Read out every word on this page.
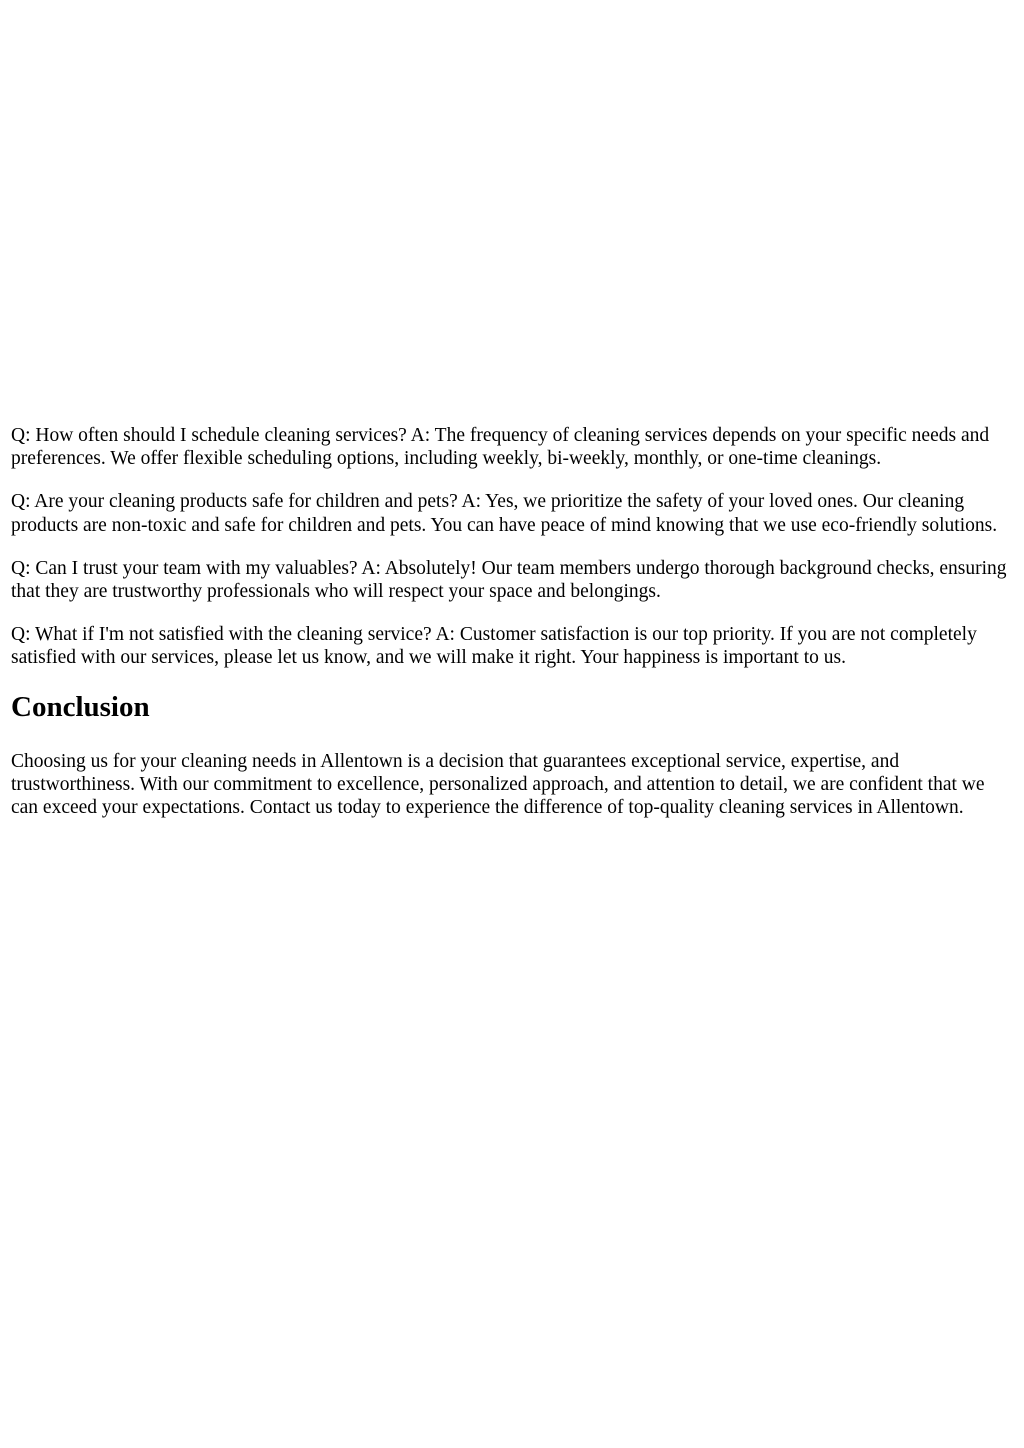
Q: How often should I schedule cleaning services? A: The frequency of cleaning services depends on your specific needs and preferences. We offer flexible scheduling options, including weekly, bi-weekly, monthly, or one-time cleanings.

Q: Are your cleaning products safe for children and pets? A: Yes, we prioritize the safety of your loved ones. Our cleaning products are non-toxic and safe for children and pets. You can have peace of mind knowing that we use eco-friendly solutions.

Q: Can I trust your team with my valuables? A: Absolutely! Our team members undergo thorough background checks, ensuring that they are trustworthy professionals who will respect your space and belongings.

Q: What if I'm not satisfied with the cleaning service? A: Customer satisfaction is our top priority. If you are not completely satisfied with our services, please let us know, and we will make it right. Your happiness is important to us.

Conclusion

Choosing us for your cleaning needs in Allentown is a decision that guarantees exceptional service, expertise, and trustworthiness. With our commitment to excellence, personalized approach, and attention to detail, we are confident that we can exceed your expectations. Contact us today to experience the difference of top-quality cleaning services in Allentown.
